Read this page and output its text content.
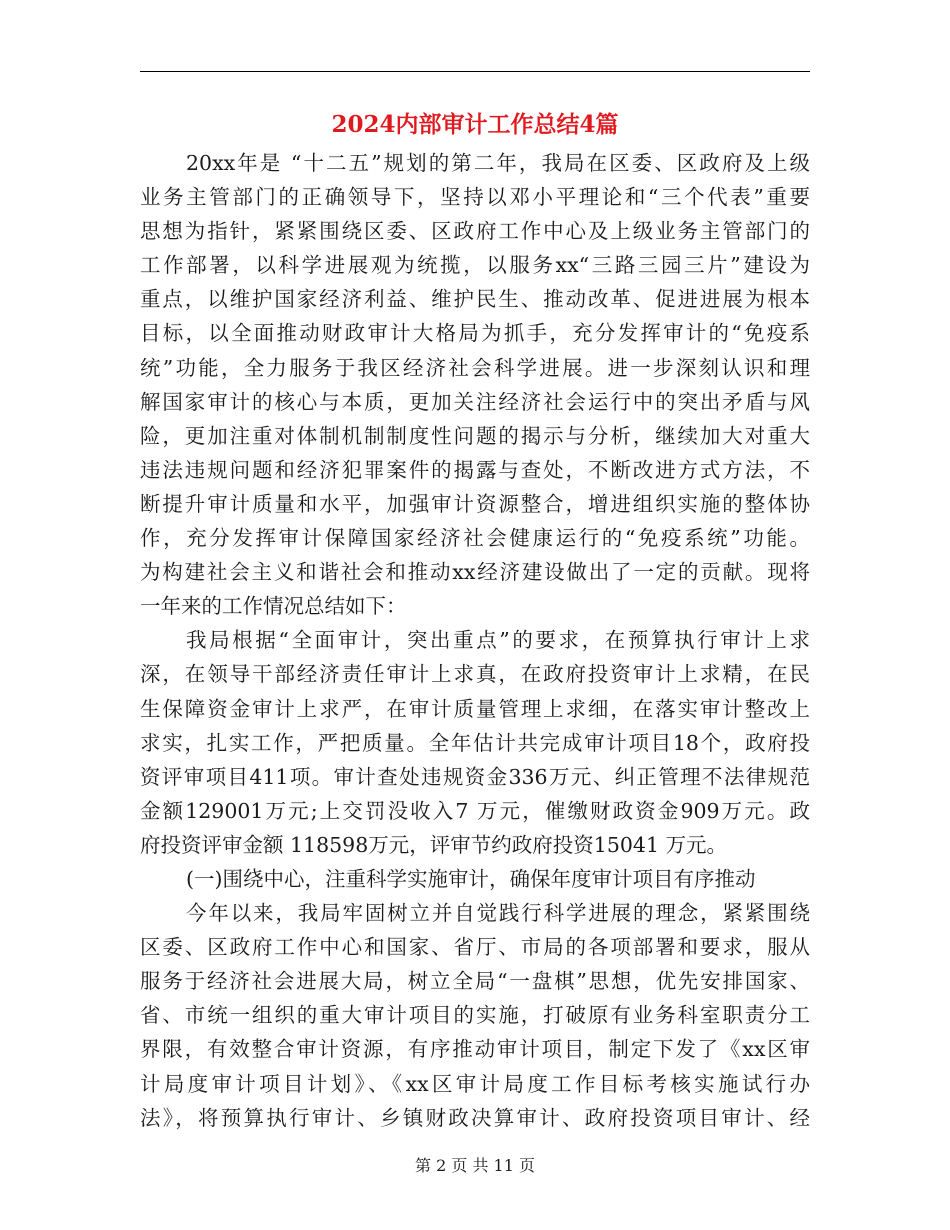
2024内部审计工作总结4篇
20xx年是 “十二五”规划的第二年，我局在区委、区政府及上级
业务主管部门的正确领导下，坚持以邓小平理论和“三个代表”重要
思想为指针，紧紧围绕区委、区政府工作中心及上级业务主管部门的
工作部署，以科学进展观为统揽，以服务xx“三路三园三片”建设为
重点，以维护国家经济利益、维护民生、推动改革、促进进展为根本
目标，以全面推动财政审计大格局为抓手，充分发挥审计的“免疫系
统”功能，全力服务于我区经济社会科学进展。进一步深刻认识和理
解国家审计的核心与本质，更加关注经济社会运行中的突出矛盾与风
险，更加注重对体制机制制度性问题的揭示与分析，继续加大对重大
违法违规问题和经济犯罪案件的揭露与查处，不断改进方式方法，不
断提升审计质量和水平，加强审计资源整合，增进组织实施的整体协
作，充分发挥审计保障国家经济社会健康运行的“免疫系统”功能。
为构建社会主义和谐社会和推动xx经济建设做出了一定的贡献。现将
一年来的工作情况总结如下：
我局根据“全面审计，突出重点”的要求，在预算执行审计上求
深，在领导干部经济责任审计上求真，在政府投资审计上求精，在民
生保障资金审计上求严，在审计质量管理上求细，在落实审计整改上
求实，扎实工作，严把质量。全年估计共完成审计项目18个，政府投
资评审项目411项。审计查处违规资金336万元、纠正管理不法律规范
金额129001万元;上交罚没收入7 万元，催缴财政资金909万元。政
府投资评审金额 118598万元，评审节约政府投资15041 万元。
(一)围绕中心，注重科学实施审计，确保年度审计项目有序推动
今年以来，我局牢固树立并自觉践行科学进展的理念，紧紧围绕
区委、区政府工作中心和国家、省厅、市局的各项部署和要求，服从
服务于经济社会进展大局，树立全局“一盘棋”思想，优先安排国家、
省、市统一组织的重大审计项目的实施，打破原有业务科室职责分工
界限，有效整合审计资源，有序推动审计项目，制定下发了《xx区审
计局度审计项目计划》、《xx区审计局度工作目标考核实施试行办
法》，将预算执行审计、乡镇财政决算审计、政府投资项目审计、经
第 2 页 共 11 页
